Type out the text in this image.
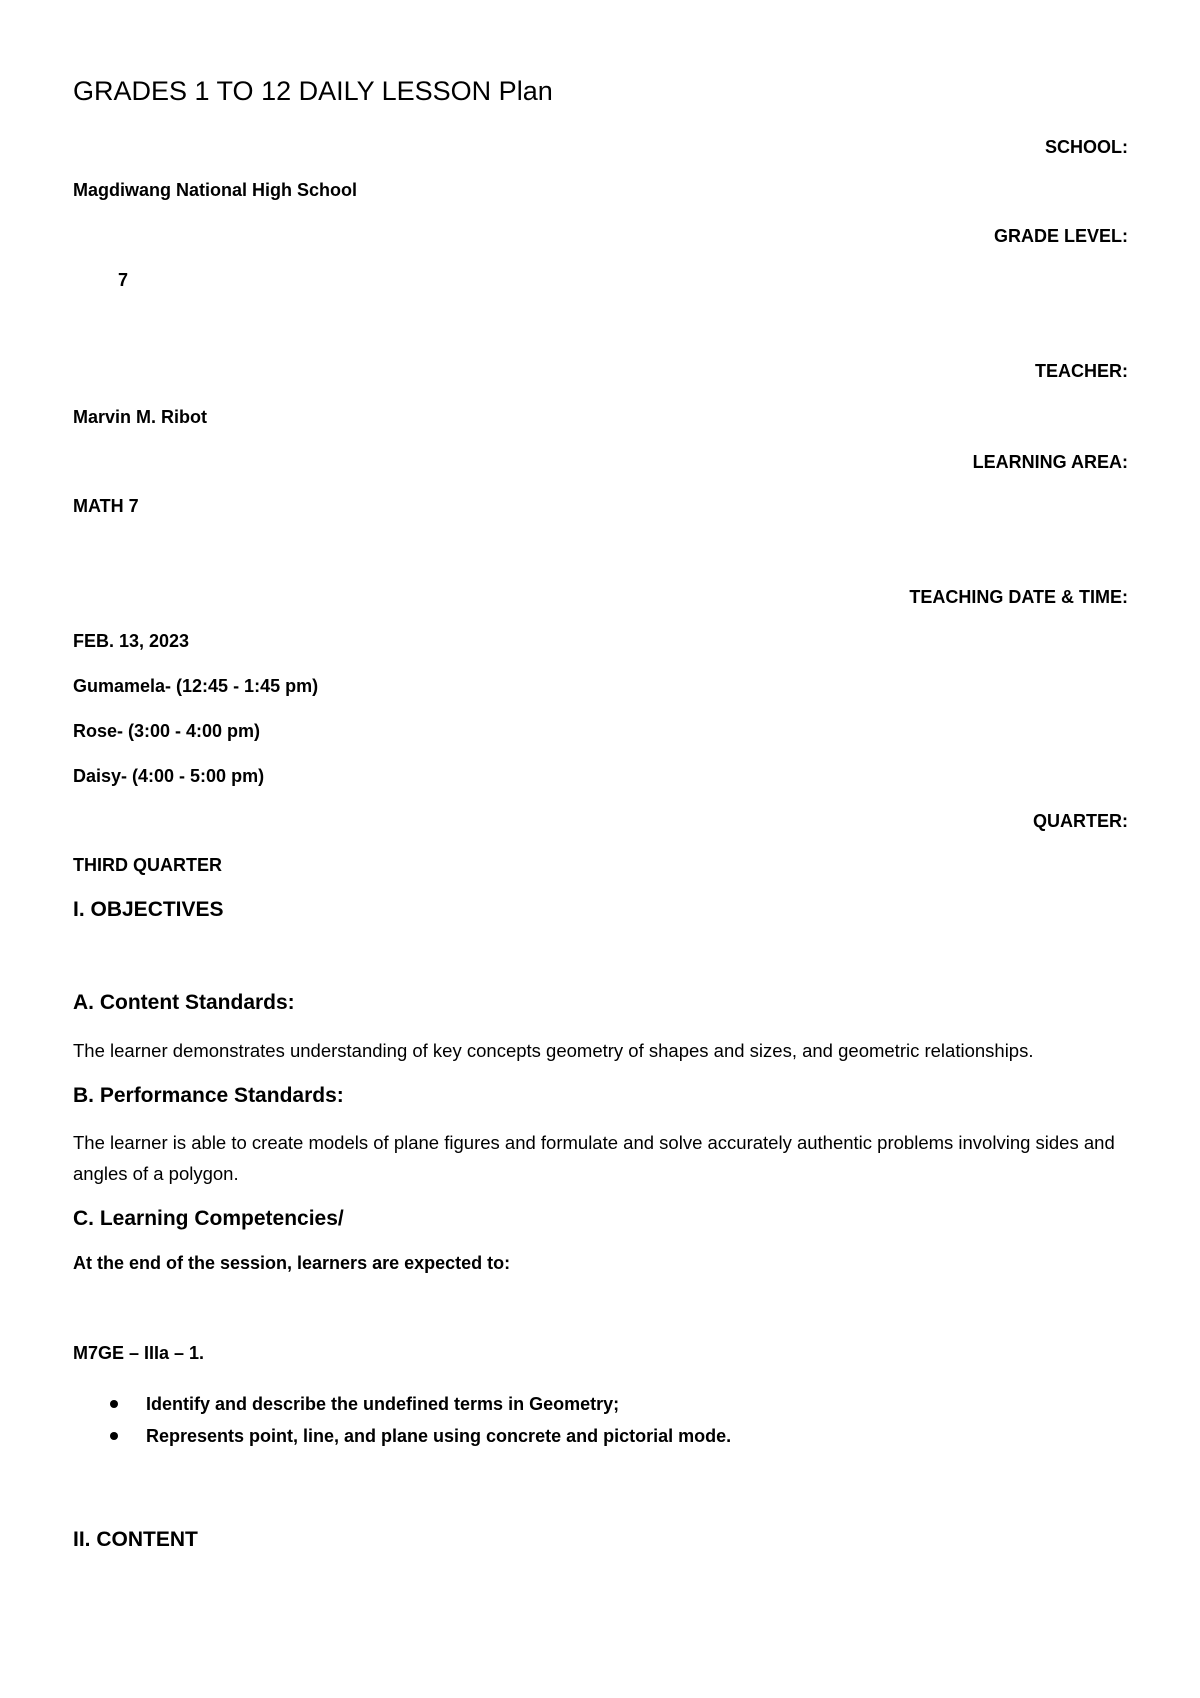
GRADES 1 TO 12 DAILY LESSON Plan
SCHOOL:
Magdiwang National High School
GRADE LEVEL:
7
TEACHER:
Marvin M. Ribot
LEARNING AREA:
MATH 7
TEACHING DATE & TIME:
FEB. 13, 2023
Gumamela- (12:45 - 1:45 pm)
Rose- (3:00 - 4:00 pm)
Daisy- (4:00 - 5:00 pm)
QUARTER:
THIRD QUARTER
I. OBJECTIVES
A. Content Standards:
The learner demonstrates understanding of key concepts geometry of shapes and sizes, and geometric relationships.
B. Performance Standards:
The learner is able to create models of plane figures and formulate and solve accurately authentic problems involving sides and angles of a polygon.
C. Learning Competencies/
At the end of the session, learners are expected to:
M7GE – IIIa – 1.
Identify and describe the undefined terms in Geometry;
Represents point, line, and plane using concrete and pictorial mode.
II. CONTENT
